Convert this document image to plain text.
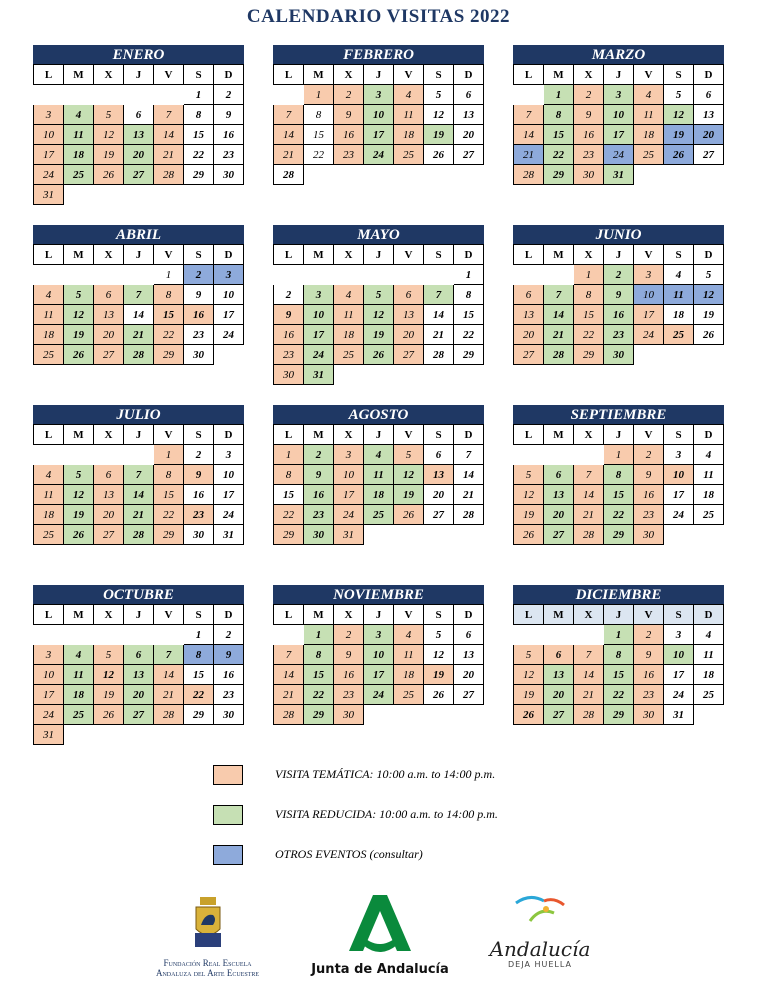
CALENDARIO VISITAS 2022
ENERO
L	M	X	J	V	S	D
					1	2
3	4	5	6	7	8	9
10	11	12	13	14	15	16
17	18	19	20	21	22	23
24	25	26	27	28	29	30
31						
FEBRERO
L	M	X	J	V	S	D
	1	2	3	4	5	6
7	8	9	10	11	12	13
14	15	16	17	18	19	20
21	22	23	24	25	26	27
28						
MARZO
L	M	X	J	V	S	D
	1	2	3	4	5	6
7	8	9	10	11	12	13
14	15	16	17	18	19	20
21	22	23	24	25	26	27
28	29	30	31			
ABRIL
L	M	X	J	V	S	D
				1	2	3
4	5	6	7	8	9	10
11	12	13	14	15	16	17
18	19	20	21	22	23	24
25	26	27	28	29	30	
MAYO
L	M	X	J	V	S	D
						1
2	3	4	5	6	7	8
9	10	11	12	13	14	15
16	17	18	19	20	21	22
23	24	25	26	27	28	29
30	31					
JUNIO
L	M	X	J	V	S	D
		1	2	3	4	5
6	7	8	9	10	11	12
13	14	15	16	17	18	19
20	21	22	23	24	25	26
27	28	29	30			
JULIO
L	M	X	J	V	S	D
				1	2	3
4	5	6	7	8	9	10
11	12	13	14	15	16	17
18	19	20	21	22	23	24
25	26	27	28	29	30	31
AGOSTO
L	M	X	J	V	S	D
1	2	3	4	5	6	7
8	9	10	11	12	13	14
15	16	17	18	19	20	21
22	23	24	25	26	27	28
29	30	31				
SEPTIEMBRE
L	M	X	J	V	S	D
			1	2	3	4
5	6	7	8	9	10	11
12	13	14	15	16	17	18
19	20	21	22	23	24	25
26	27	28	29	30		
OCTUBRE
L	M	X	J	V	S	D
					1	2
3	4	5	6	7	8	9
10	11	12	13	14	15	16
17	18	19	20	21	22	23
24	25	26	27	28	29	30
31						
NOVIEMBRE
L	M	X	J	V	S	D
	1	2	3	4	5	6
7	8	9	10	11	12	13
14	15	16	17	18	19	20
21	22	23	24	25	26	27
28	29	30				
DICIEMBRE
L	M	X	J	V	S	D
			1	2	3	4
5	6	7	8	9	10	11
12	13	14	15	16	17	18
19	20	21	22	23	24	25
26	27	28	29	30	31	
VISITA TEMÁTICA: 10:00 a.m. to 14:00 p.m.
VISITA REDUCIDA: 10:00 a.m. to 14:00 p.m.
OTROS EVENTOS (consultar)
Fundación Real Escuela
Andaluza del Arte Ecuestre	Junta de Andalucía
Andalucía
DEJA HUELLA
